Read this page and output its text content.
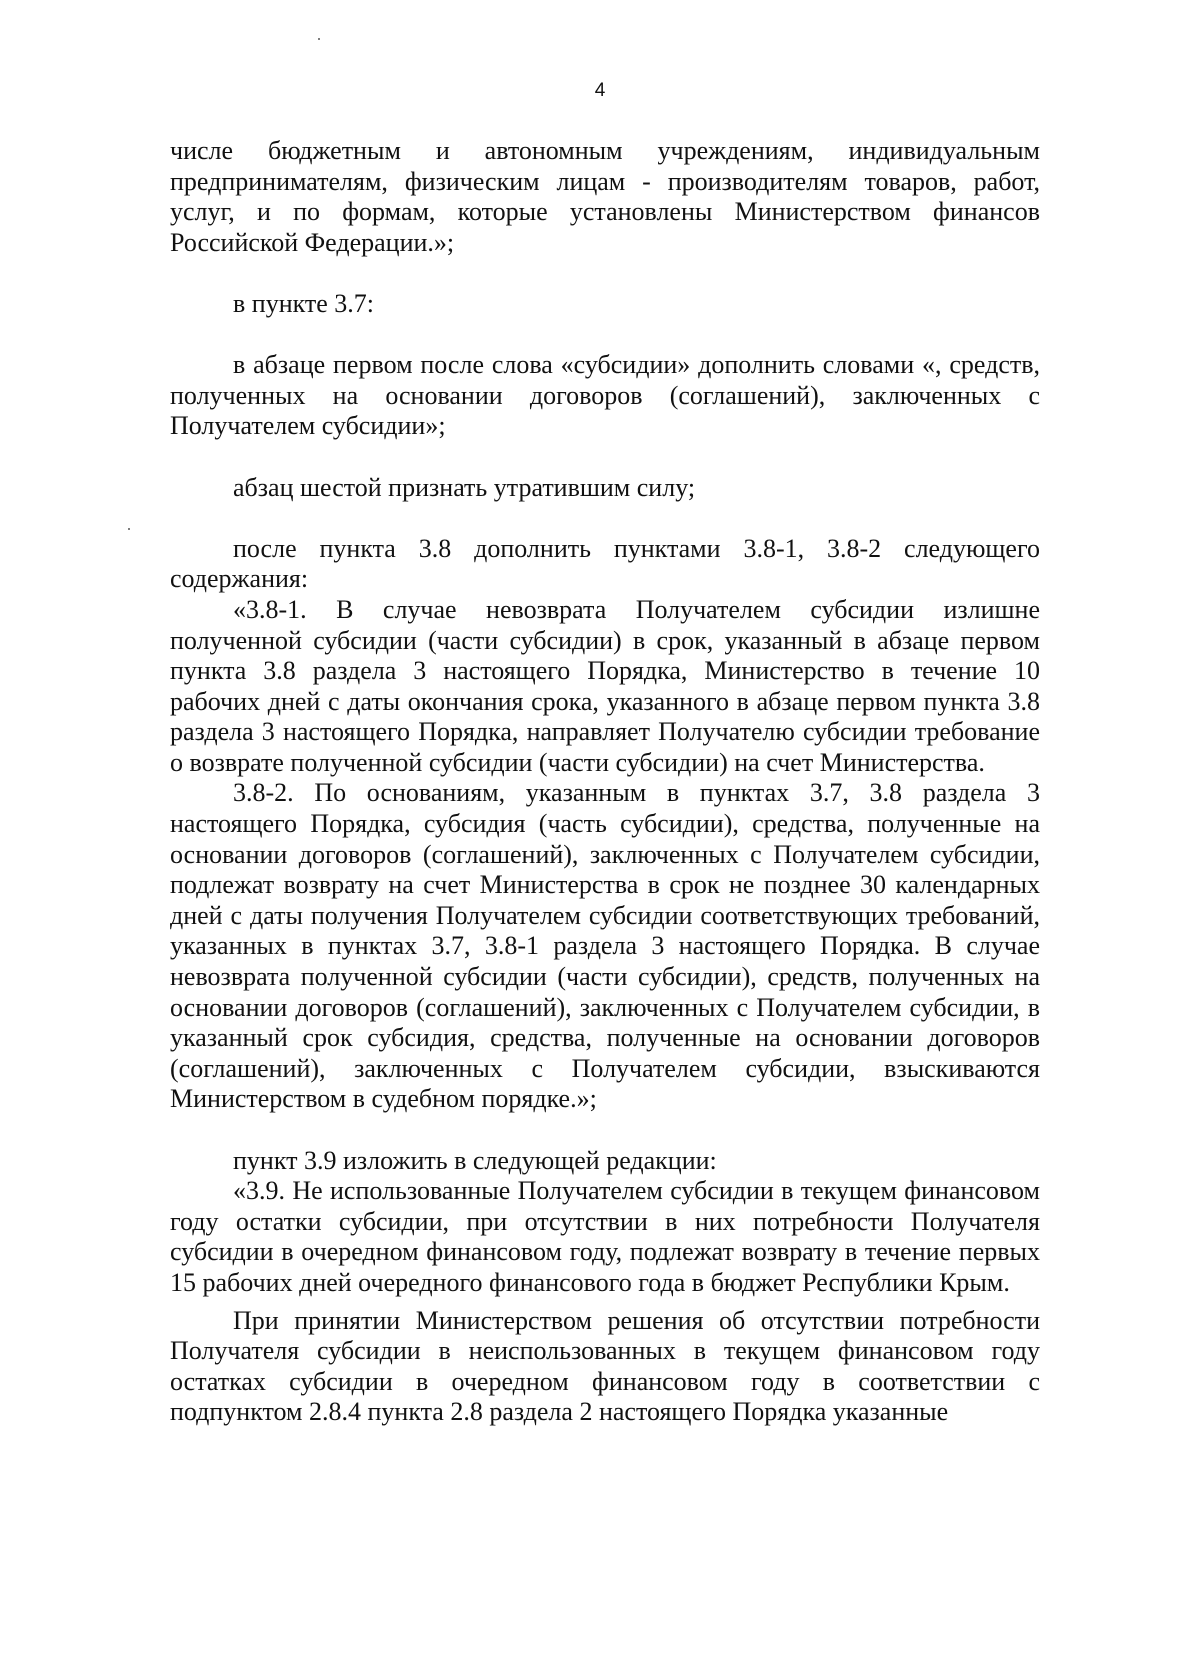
4

числе бюджетным и автономным учреждениям, индивидуальным предпринимателям, физическим лицам - производителям товаров, работ, услуг, и по формам, которые установлены Министерством финансов Российской Федерации.»;

в пункте 3.7:

в абзаце первом после слова «субсидии» дополнить словами «, средств, полученных на основании договоров (соглашений), заключенных с Получателем субсидии»;

абзац шестой признать утратившим силу;

после пункта 3.8 дополнить пунктами 3.8-1, 3.8-2 следующего содержания:

«3.8-1. В случае невозврата Получателем субсидии излишне полученной субсидии (части субсидии) в срок, указанный в абзаце первом пункта 3.8 раздела 3 настоящего Порядка, Министерство в течение 10 рабочих дней с даты окончания срока, указанного в абзаце первом пункта 3.8 раздела 3 настоящего Порядка, направляет Получателю субсидии требование о возврате полученной субсидии (части субсидии) на счет Министерства.

3.8-2. По основаниям, указанным в пунктах 3.7, 3.8 раздела 3 настоящего Порядка, субсидия (часть субсидии), средства, полученные на основании договоров (соглашений), заключенных с Получателем субсидии, подлежат возврату на счет Министерства в срок не позднее 30 календарных дней с даты получения Получателем субсидии соответствующих требований, указанных в пунктах 3.7, 3.8-1 раздела 3 настоящего Порядка. В случае невозврата полученной субсидии (части субсидии), средств, полученных на основании договоров (соглашений), заключенных с Получателем субсидии, в указанный срок субсидия, средства, полученные на основании договоров (соглашений), заключенных с Получателем субсидии, взыскиваются Министерством в судебном порядке.»;

пункт 3.9 изложить в следующей редакции:

«3.9. Не использованные Получателем субсидии в текущем финансовом году остатки субсидии, при отсутствии в них потребности Получателя субсидии в очередном финансовом году, подлежат возврату в течение первых 15 рабочих дней очередного финансового года в бюджет Республики Крым.

При принятии Министерством решения об отсутствии потребности Получателя субсидии в неиспользованных в текущем финансовом году остатках субсидии в очередном финансовом году в соответствии с подпунктом 2.8.4 пункта 2.8 раздела 2 настоящего Порядка указанные
